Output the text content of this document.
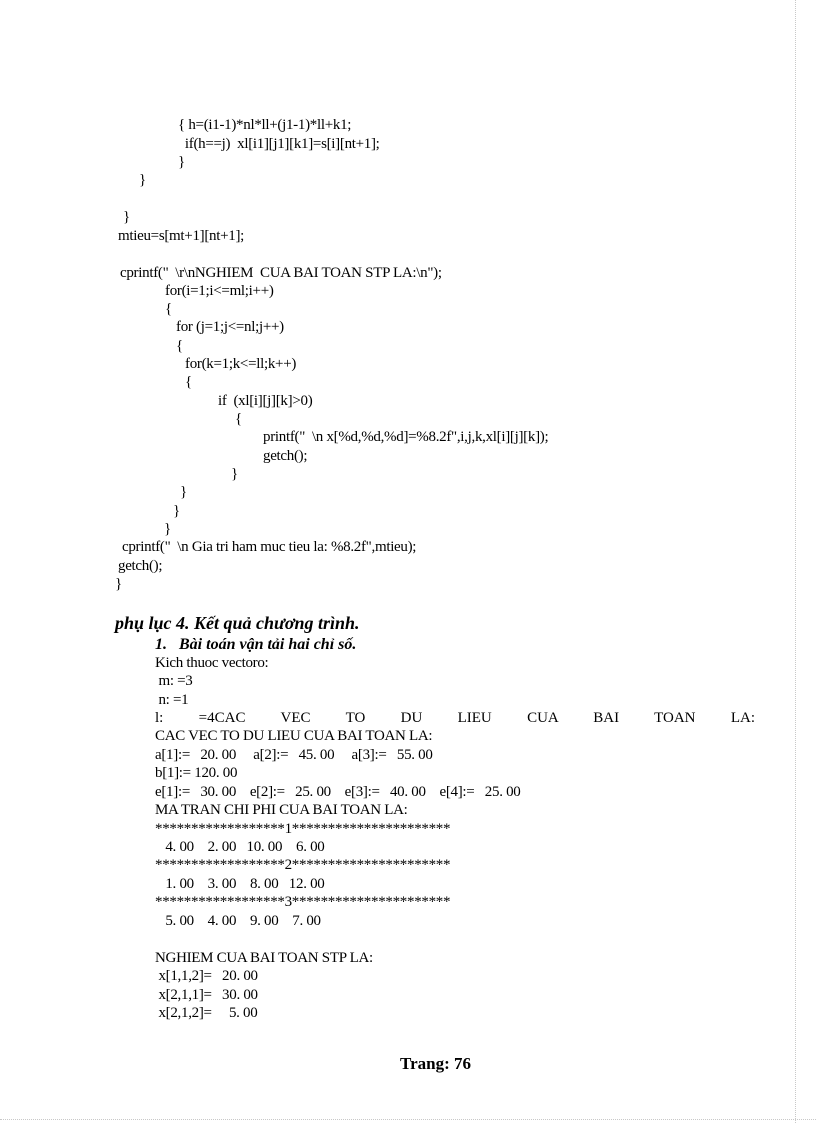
{ h=(i1-1)*nl*ll+(j1-1)*ll+k1;
if(h==j)  xl[i1][j1][k1]=s[i][nt+1];
}
}
}
mtieu=s[mt+1][nt+1];
cprintf("  \r\nNGHIEM  CUA BAI TOAN STP LA:\n");
for(i=1;i<=ml;i++)
{
for (j=1;j<=nl;j++)
{
for(k=1;k<=ll;k++)
{
if  (xl[i][j][k]>0)
{
printf("  \n x[%d,%d,%d]=%8.2f",i,j,k,xl[i][j][k]);
getch();
}
}
}
}
cprintf("  \n Gia tri ham muc tieu la: %8.2f",mtieu);
getch();
}
phụ lục 4. Kết quả chương trình.
1.   Bài toán vận tải hai chỉ số.
Kich thuoc vectoro:
m: =3
n: =1
l: =4CAC VEC TO DU LIEU CUA BAI TOAN LA:
CAC VEC TO DU LIEU CUA BAI TOAN LA:
a[1]:=   20. 00     a[2]:=   45. 00     a[3]:=   55. 00
b[1]:= 120. 00
e[1]:=   30. 00    e[2]:=   25. 00    e[3]:=   40. 00    e[4]:=   25. 00
MA TRAN CHI PHI CUA BAI TOAN LA:
******************1**********************
4. 00    2. 00   10. 00    6. 00
******************2**********************
1. 00    3. 00    8. 00   12. 00
******************3**********************
5. 00    4. 00    9. 00    7. 00
NGHIEM CUA BAI TOAN STP LA:
x[1,1,2]=   20. 00
x[2,1,1]=   30. 00
x[2,1,2]=     5. 00
Trang: 76
